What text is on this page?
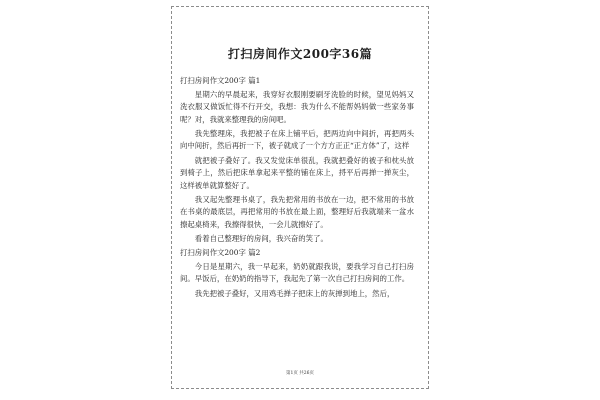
打扫房间作文200字36篇

打扫房间作文200字 篇1

星期六的早晨起来，我穿好衣服刚要刷牙洗脸的时候，望见妈妈又洗衣服又做饭忙得不行开交，我想：我为什么不能帮妈妈做一些家务事呢？对，我就来整理我的房间吧。

我先整理床，我把被子在床上铺平后，把两边向中间折，再把两头向中间折，然后再折一下，被子就成了一个方方正正“正方体”了，这样

就把被子叠好了。我又发觉床单很乱，我就把叠好的被子和枕头放到椅子上，然后把床单拿起来平整的铺在床上，捋平后再掸一掸灰尘，这样被单就算整好了。

我又起先整理书桌了，我先把常用的书放在一边，把不常用的书放在书桌的最底层，再把常用的书放在最上面，整理好后我就端来一盆水擦起桌椅来，我擦得很快，一会儿就擦好了。

看着自己整理好的房间，我兴奋的笑了。

打扫房间作文200字 篇2

今日是星期六，我一早起来，奶奶就跟我说，要我学习自己打扫房间。早饭后，在奶奶的指导下，我起先了第一次自己打扫房间的工作。

我先把被子叠好，又用鸡毛掸子把床上的灰掸到地上，然后，

第1页 共26页
